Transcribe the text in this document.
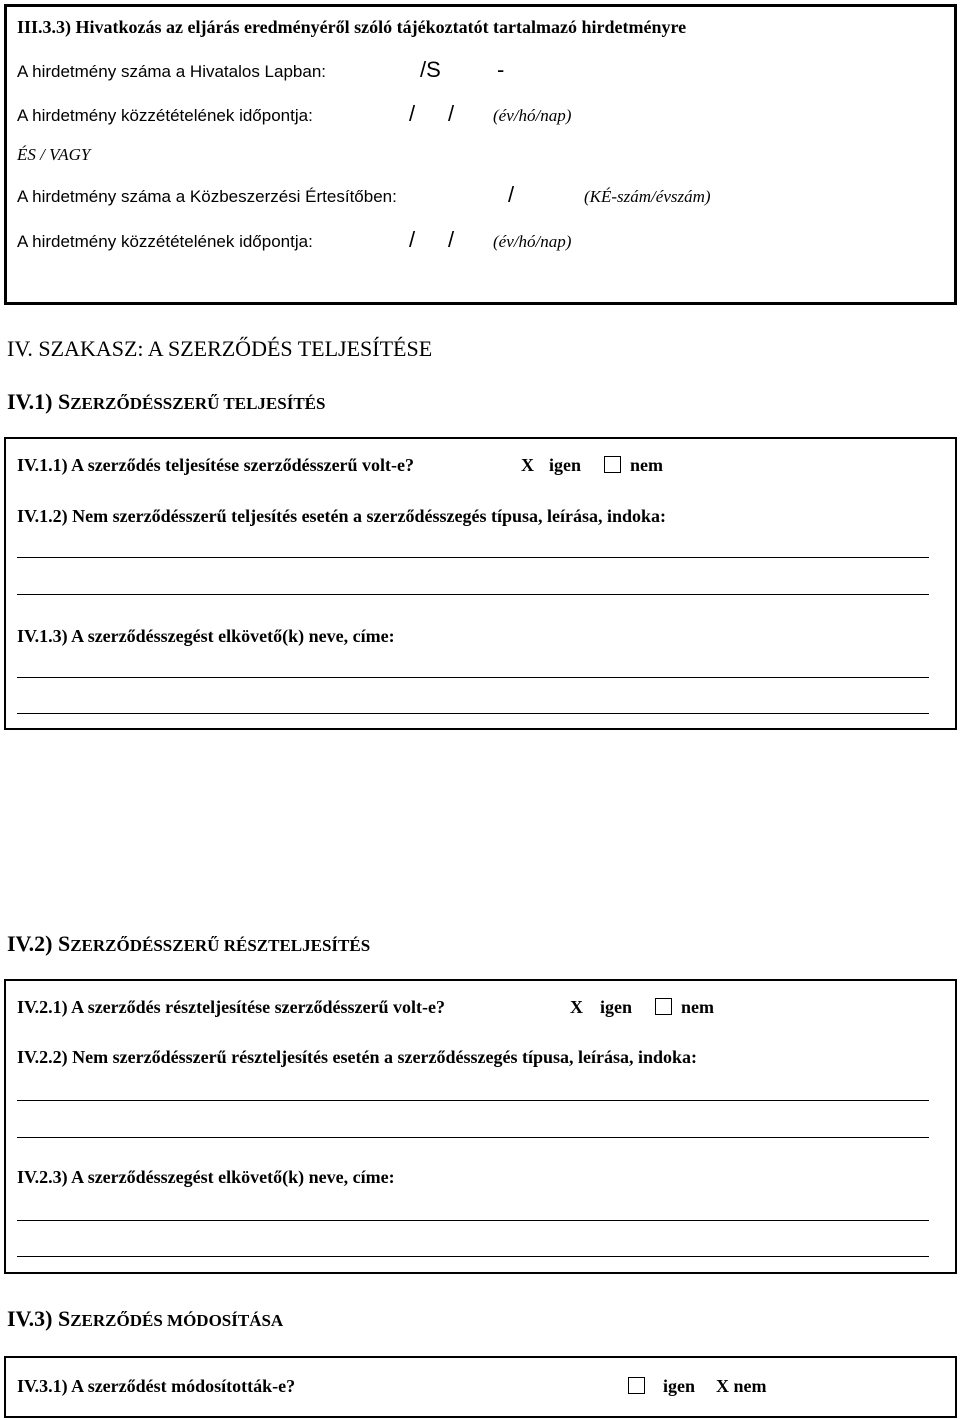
III.3.3) Hivatkozás az eljárás eredményéről szóló tájékoztatót tartalmazó hirdetményre
A hirdetmény száma a Hivatalos Lapban:	/S	-
A hirdetmény közzétételének időpontja:	/ / (év/hó/nap)
ÉS / VAGY
A hirdetmény száma a Közbeszerzési Értesítőben:	/	(KÉ-szám/évszám)
A hirdetmény közzétételének időpontja:	/ / (év/hó/nap)
IV. SZAKASZ: A SZERZŐDÉS TELJESÍTÉSE
IV.1) SZERZŐDÉSSZERŰ TELJESÍTÉS
IV.1.1) A szerződés teljesítése szerződésszerű volt-e?	X igen	nem
IV.1.2) Nem szerződésszerű teljesítés esetén a szerződésszegés típusa, leírása, indoka:
IV.1.3) A szerződésszegést elkövető(k) neve, címe:
IV.2) SZERZŐDÉSSZERŰ RÉSZTELJESÍTÉS
IV.2.1) A szerződés részteljesítése szerződésszerű volt-e?	X igen	nem
IV.2.2) Nem szerződésszerű részteljesítés esetén a szerződésszegés típusa, leírása, indoka:
IV.2.3) A szerződésszegést elkövető(k) neve, címe:
IV.3) SZERZŐDÉS MÓDOSÍTÁSA
IV.3.1) A szerződést módosították-e?	igen X nem
